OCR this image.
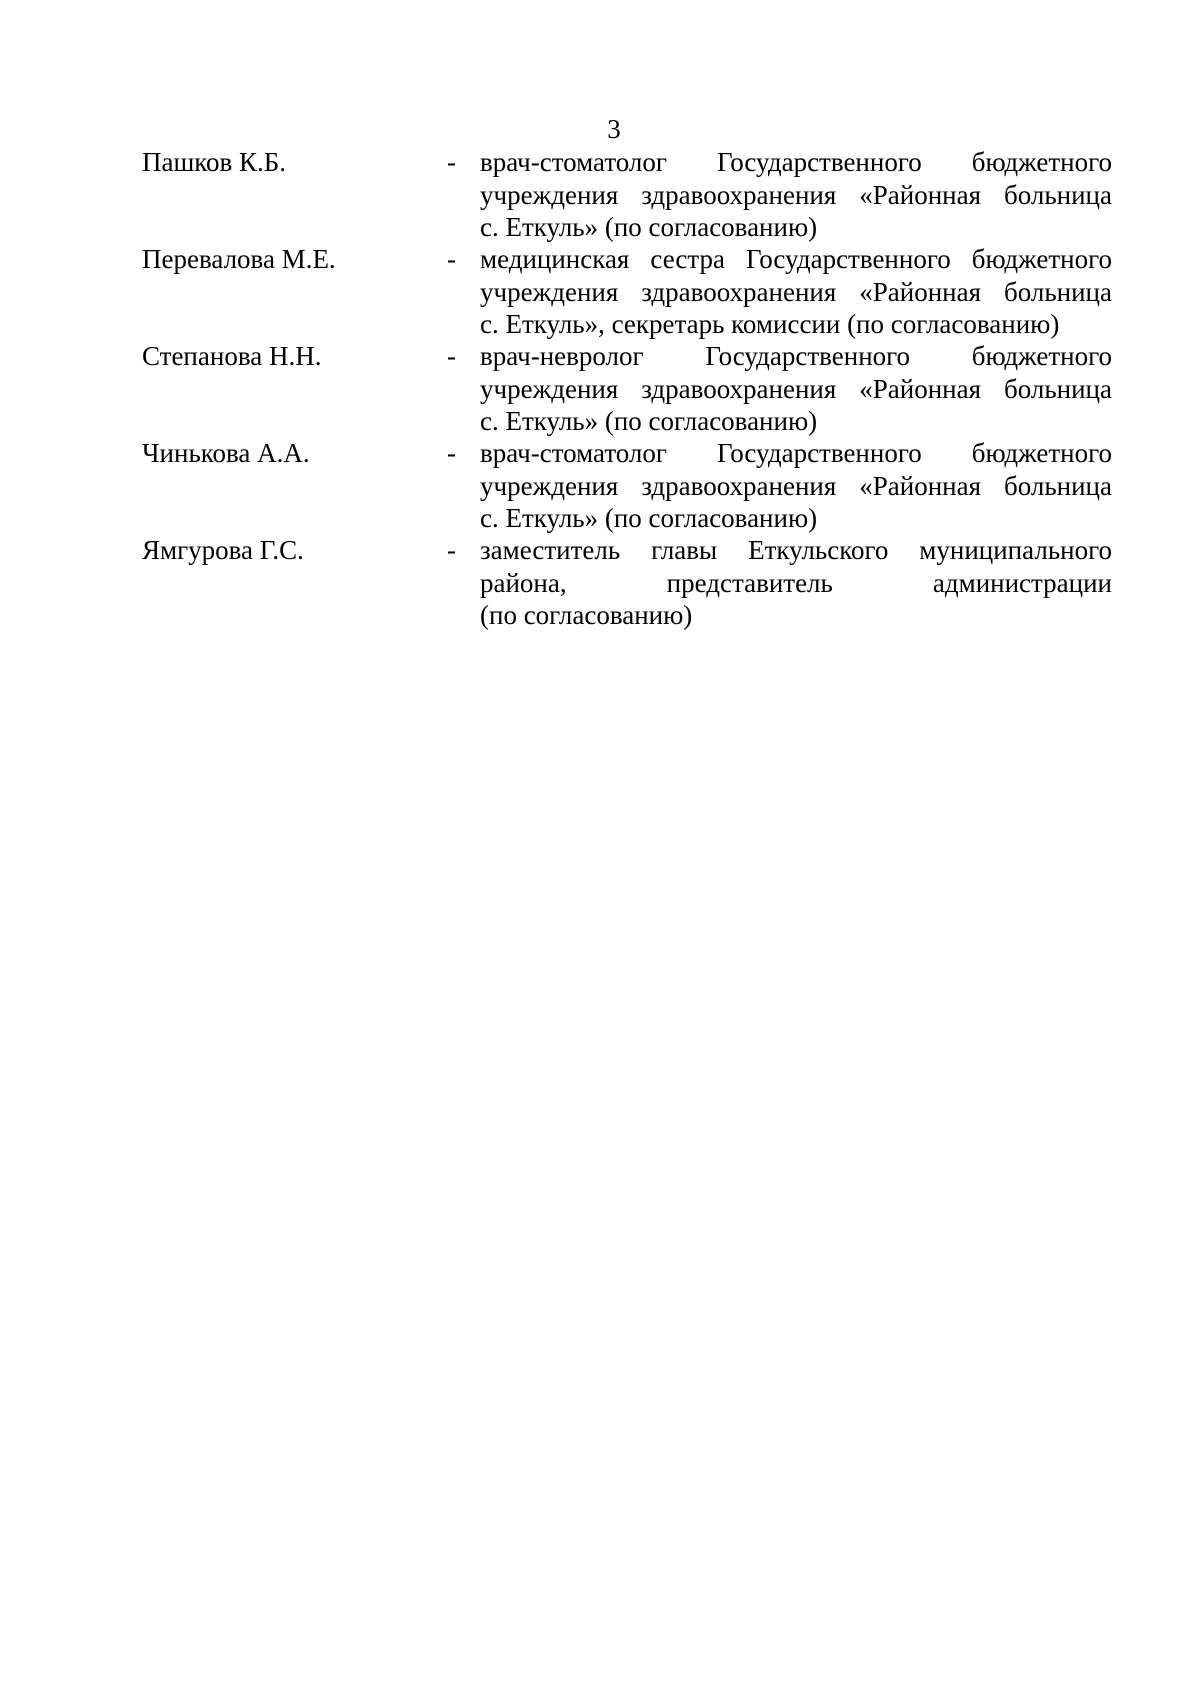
3
Пашков К.Б.	- врач-стоматолог Государственного бюджетного
учреждения здравоохранения «Районная больница
с. Еткуль» (по согласованию)
Перевалова М.Е.	- медицинская сестра Государственного бюджетного
учреждения здравоохранения «Районная больница
с. Еткуль», секретарь комиссии (по согласованию)
Степанова Н.Н.	- врач-невролог Государственного бюджетного
учреждения здравоохранения «Районная больница
с. Еткуль» (по согласованию)
Чинькова А.А.	- врач-стоматолог Государственного бюджетного
учреждения здравоохранения «Районная больница
с. Еткуль» (по согласованию)
Ямгурова Г.С.	- заместитель главы Еткульского муниципального
района, представитель администрации
(по согласованию)
